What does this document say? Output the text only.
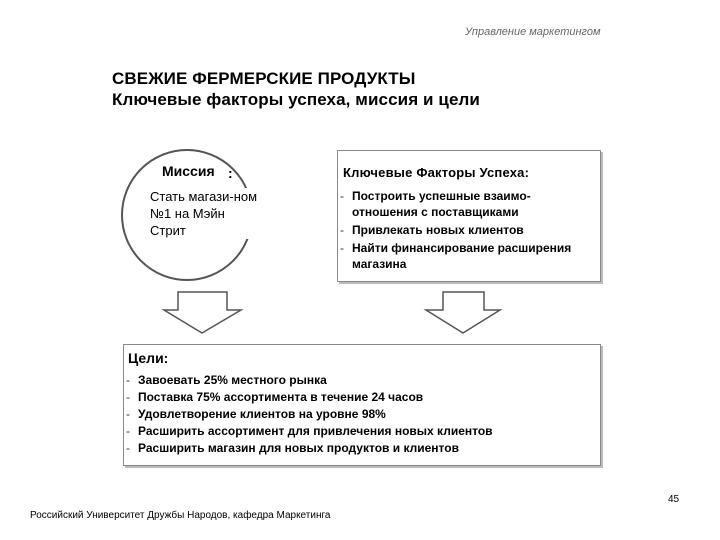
Управление маркетингом
СВЕЖИЕ ФЕРМЕРСКИЕ ПРОДУКТЫ
Ключевые факторы успеха, миссия и цели
Миссия :
Стать магази-ном №1 на Мэйн Стрит
Ключевые Факторы Успеха:
- Построить успешные взаимо-отношения с поставщиками
- Привлекать новых клиентов
- Найти финансирование расширения магазина
Цели:
- Завоевать 25% местного рынка
- Поставка 75% ассортимента в течение 24 часов
- Удовлетворение клиентов на уровне 98%
- Расширить ассортимент для привлечения новых клиентов
- Расширить магазин для новых продуктов и клиентов
45
Российский Университет Дружбы Народов, кафедра Маркетинга
